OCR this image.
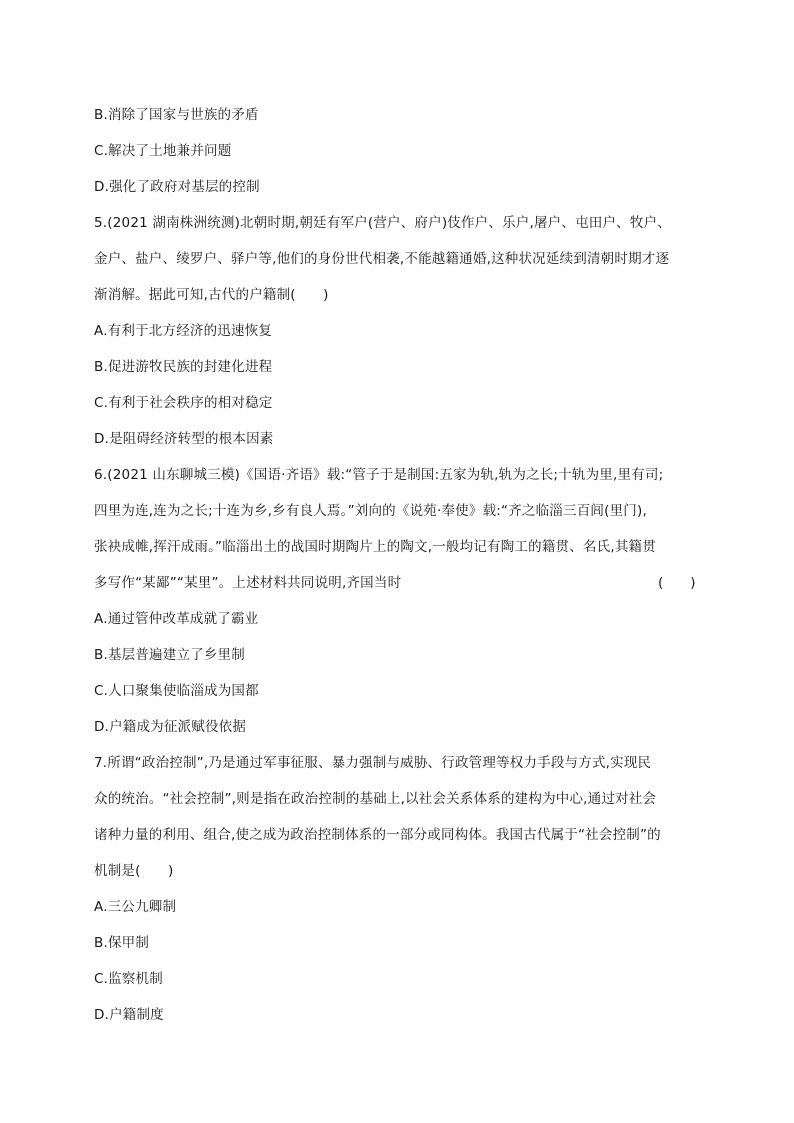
B.消除了国家与世族的矛盾
C.解决了土地兼并问题
D.强化了政府对基层的控制
5.(2021 湖南株洲统测)北朝时期,朝廷有军户(营户、府户)伎作户、乐户,屠户、屯田户、牧户、
金户、盐户、绫罗户、驿户等,他们的身份世代相袭,不能越籍通婚,这种状况延续到清朝时期才逐
渐消解。据此可知,古代的户籍制(　　)
A.有利于北方经济的迅速恢复
B.促进游牧民族的封建化进程
C.有利于社会秩序的相对稳定
D.是阻碍经济转型的根本因素
6.(2021 山东聊城三模)《国语·齐语》载:“管子于是制国:五家为轨,轨为之长;十轨为里,里有司;
四里为连,连为之长;十连为乡,乡有良人焉。”刘向的《说苑·奉使》载:“齐之临淄三百闾(里门),
张袂成帷,挥汗成雨。”临淄出土的战国时期陶片上的陶文,一般均记有陶工的籍贯、名氏,其籍贯
多写作“某鄙”“某里”。上述材料共同说明,齐国当时	(　　)
A.通过管仲改革成就了霸业
B.基层普遍建立了乡里制
C.人口聚集使临淄成为国都
D.户籍成为征派赋役依据
7.所谓“政治控制”,乃是通过军事征服、暴力强制与威胁、行政管理等权力手段与方式,实现民
众的统治。“社会控制”,则是指在政治控制的基础上,以社会关系体系的建构为中心,通过对社会
诸种力量的利用、组合,使之成为政治控制体系的一部分或同构体。我国古代属于“社会控制”的
机制是(　　)
A.三公九卿制
B.保甲制
C.监察机制
D.户籍制度
